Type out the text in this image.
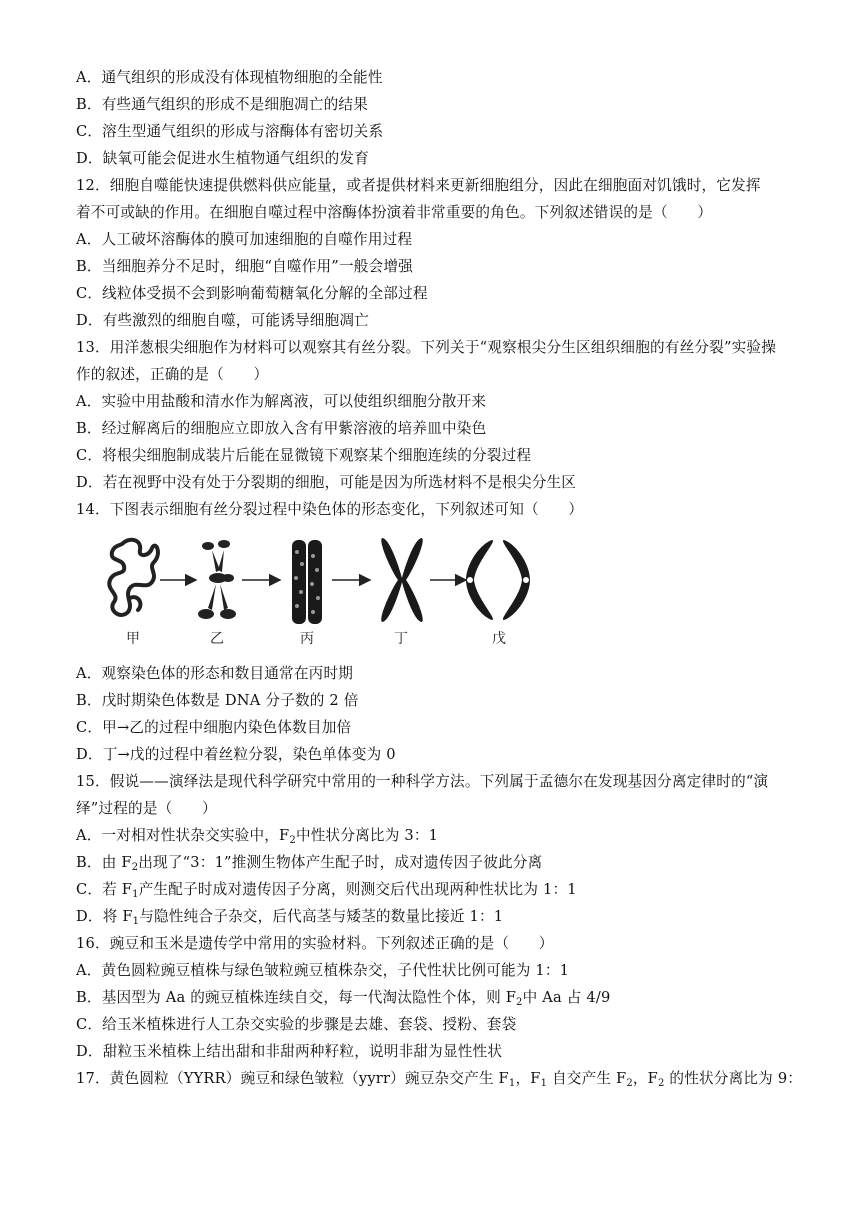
A．通气组织的形成没有体现植物细胞的全能性
B．有些通气组织的形成不是细胞凋亡的结果
C．溶生型通气组织的形成与溶酶体有密切关系
D．缺氧可能会促进水生植物通气组织的发育
12．细胞自噬能快速提供燃料供应能量，或者提供材料来更新细胞组分，因此在细胞面对饥饿时，它发挥
着不可或缺的作用。在细胞自噬过程中溶酶体扮演着非常重要的角色。下列叙述错误的是（　　）
A．人工破坏溶酶体的膜可加速细胞的自噬作用过程
B．当细胞养分不足时，细胞“自噬作用”一般会增强
C．线粒体受损不会到影响葡萄糖氧化分解的全部过程
D．有些激烈的细胞自噬，可能诱导细胞凋亡
13．用洋葱根尖细胞作为材料可以观察其有丝分裂。下列关于“观察根尖分生区组织细胞的有丝分裂”实验操
作的叙述，正确的是（　　）
A．实验中用盐酸和清水作为解离液，可以使组织细胞分散开来
B．经过解离后的细胞应立即放入含有甲紫溶液的培养皿中染色
C．将根尖细胞制成装片后能在显微镜下观察某个细胞连续的分裂过程
D．若在视野中没有处于分裂期的细胞，可能是因为所选材料不是根尖分生区
14．下图表示细胞有丝分裂过程中染色体的形态变化，下列叙述可知（　　）
甲	乙	丙	丁	戊
A．观察染色体的形态和数目通常在丙时期
B．戊时期染色体数是 DNA 分子数的 2 倍
C．甲→乙的过程中细胞内染色体数目加倍
D．丁→戊的过程中着丝粒分裂，染色单体变为 0
15．假说——演绎法是现代科学研究中常用的一种科学方法。下列属于孟德尔在发现基因分离定律时的“演
绎”过程的是（　　）
A．一对相对性状杂交实验中，$F_2$中性状分离比为 3：1
B．由 $F_2$出现了“3：1”推测生物体产生配子时，成对遗传因子彼此分离
C．若 $F_1$产生配子时成对遗传因子分离，则测交后代出现两种性状比为 1：1
D．将 $F_1$与隐性纯合子杂交，后代高茎与矮茎的数量比接近 1：1
16．豌豆和玉米是遗传学中常用的实验材料。下列叙述正确的是（　　）
A．黄色圆粒豌豆植株与绿色皱粒豌豆植株杂交，子代性状比例可能为 1：1
B．基因型为 Aa 的豌豆植株连续自交，每一代淘汰隐性个体，则 $F_2$中 Aa 占 4/9
C．给玉米植株进行人工杂交实验的步骤是去雄、套袋、授粉、套袋
D．甜粒玉米植株上结出甜和非甜两种籽粒，说明非甜为显性性状
17．黄色圆粒（YYRR）豌豆和绿色皱粒（yyrr）豌豆杂交产生 $F_1$，$F_1$ 自交产生 $F_2$，$F_2$ 的性状分离比为 9：
